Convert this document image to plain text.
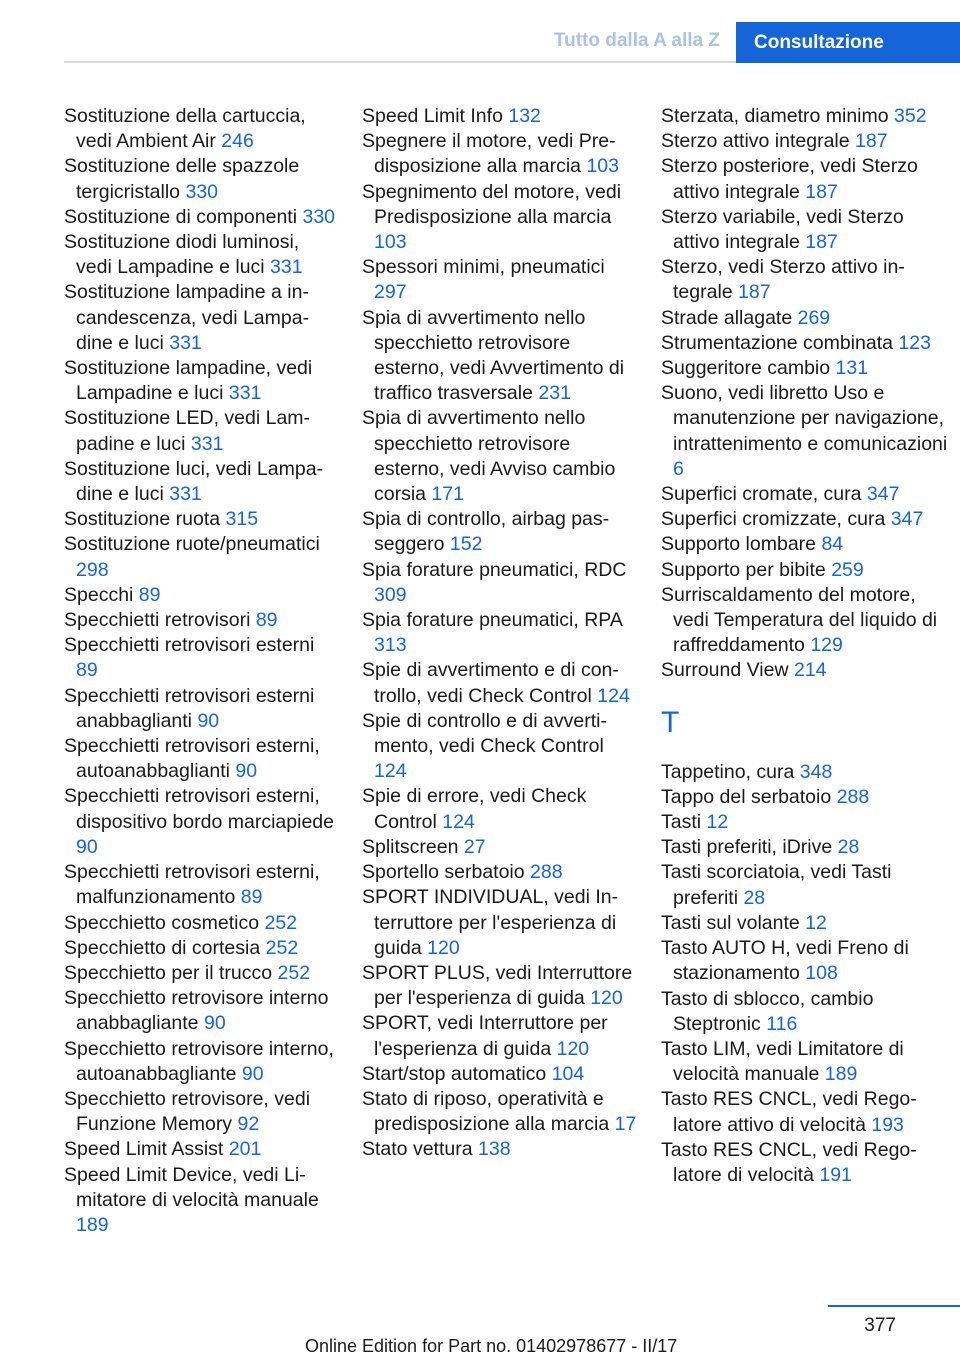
Tutto dalla A alla Z	Consultazione
Sostituzione della cartuccia, vedi Ambient Air 246
Sostituzione delle spazzole tergicristallo 330
Sostituzione di componenti 330
Sostituzione diodi luminosi, vedi Lampadine e luci 331
Sostituzione lampadine a incandescenza, vedi Lampadine e luci 331
Sostituzione lampadine, vedi Lampadine e luci 331
Sostituzione LED, vedi Lampadine e luci 331
Sostituzione luci, vedi Lampadine e luci 331
Sostituzione ruota 315
Sostituzione ruote/pneumatici 298
Specchi 89
Specchietti retrovisori 89
Specchietti retrovisori esterni 89
Specchietti retrovisori esterni anabbaglianti 90
Specchietti retrovisori esterni, autoanabbaglianti 90
Specchietti retrovisori esterni, dispositivo bordo marciapiede 90
Specchietti retrovisori esterni, malfunzionamento 89
Specchietto cosmetico 252
Specchietto di cortesia 252
Specchietto per il trucco 252
Specchietto retrovisore interno anabbagliante 90
Specchietto retrovisore interno, autoanabbagliante 90
Specchietto retrovisore, vedi Funzione Memory 92
Speed Limit Assist 201
Speed Limit Device, vedi Limitatore di velocità manuale 189
Speed Limit Info 132
Spegnere il motore, vedi Predisposizione alla marcia 103
Spegnimento del motore, vedi Predisposizione alla marcia 103
Spessori minimi, pneumatici 297
Spia di avvertimento nello specchietto retrovisore esterno, vedi Avvertimento di traffico trasversale 231
Spia di avvertimento nello specchietto retrovisore esterno, vedi Avviso cambio corsia 171
Spia di controllo, airbag passeggero 152
Spia forature pneumatici, RDC 309
Spia forature pneumatici, RPA 313
Spie di avvertimento e di controllo, vedi Check Control 124
Spie di controllo e di avvertimento, vedi Check Control 124
Spie di errore, vedi Check Control 124
Splitscreen 27
Sportello serbatoio 288
SPORT INDIVIDUAL, vedi Interruttore per l'esperienza di guida 120
SPORT PLUS, vedi Interruttore per l'esperienza di guida 120
SPORT, vedi Interruttore per l'esperienza di guida 120
Start/stop automatico 104
Stato di riposo, operatività e predisposizione alla marcia 17
Stato vettura 138
Sterzata, diametro minimo 352
Sterzo attivo integrale 187
Sterzo posteriore, vedi Sterzo attivo integrale 187
Sterzo variabile, vedi Sterzo attivo integrale 187
Sterzo, vedi Sterzo attivo integrale 187
Strade allagate 269
Strumentazione combinata 123
Suggeritore cambio 131
Suono, vedi libretto Uso e manutenzione per navigazione, intrattenimento e comunicazioni 6
Superfici cromate, cura 347
Superfici cromizzate, cura 347
Supporto lombare 84
Supporto per bibite 259
Surriscaldamento del motore, vedi Temperatura del liquido di raffreddamento 129
Surround View 214
T
Tappetino, cura 348
Tappo del serbatoio 288
Tasti 12
Tasti preferiti, iDrive 28
Tasti scorciatoia, vedi Tasti preferiti 28
Tasti sul volante 12
Tasto AUTO H, vedi Freno di stazionamento 108
Tasto di sblocco, cambio Steptronic 116
Tasto LIM, vedi Limitatore di velocità manuale 189
Tasto RES CNCL, vedi Regolatore attivo di velocità 193
Tasto RES CNCL, vedi Regolatore di velocità 191
377
Online Edition for Part no. 01402978677 - II/17
